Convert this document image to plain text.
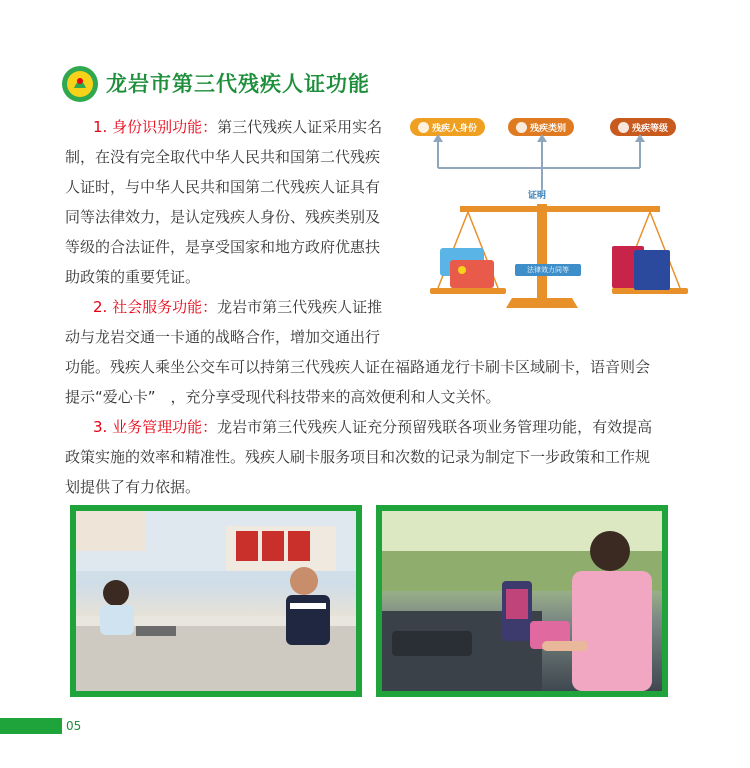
龙岩市第三代残疾人证功能
1. 身份识别功能：第三代残疾人证采用实名
制，在没有完全取代中华人民共和国第二代残疾
人证时，与中华人民共和国第二代残疾人证具有
同等法律效力，是认定残疾人身份、残疾类别及
等级的合法证件，是享受国家和地方政府优惠扶
助政策的重要凭证。
2. 社会服务功能：龙岩市第三代残疾人证推
动与龙岩交通一卡通的战略合作，增加交通出行
功能。残疾人乘坐公交车可以持第三代残疾人证在福路通龙行卡刷卡区域刷卡，语音则会
提示“爱心卡”　，充分享受现代科技带来的高效便利和人文关怀。
3. 业务管理功能：龙岩市第三代残疾人证充分预留残联各项业务管理功能，有效提高
政策实施的效率和精准性。残疾人刷卡服务项目和次数的记录为制定下一步政策和工作规
划提供了有力依据。
残疾人身份	残疾类别	残疾等级
证明
法律效力同等
05
